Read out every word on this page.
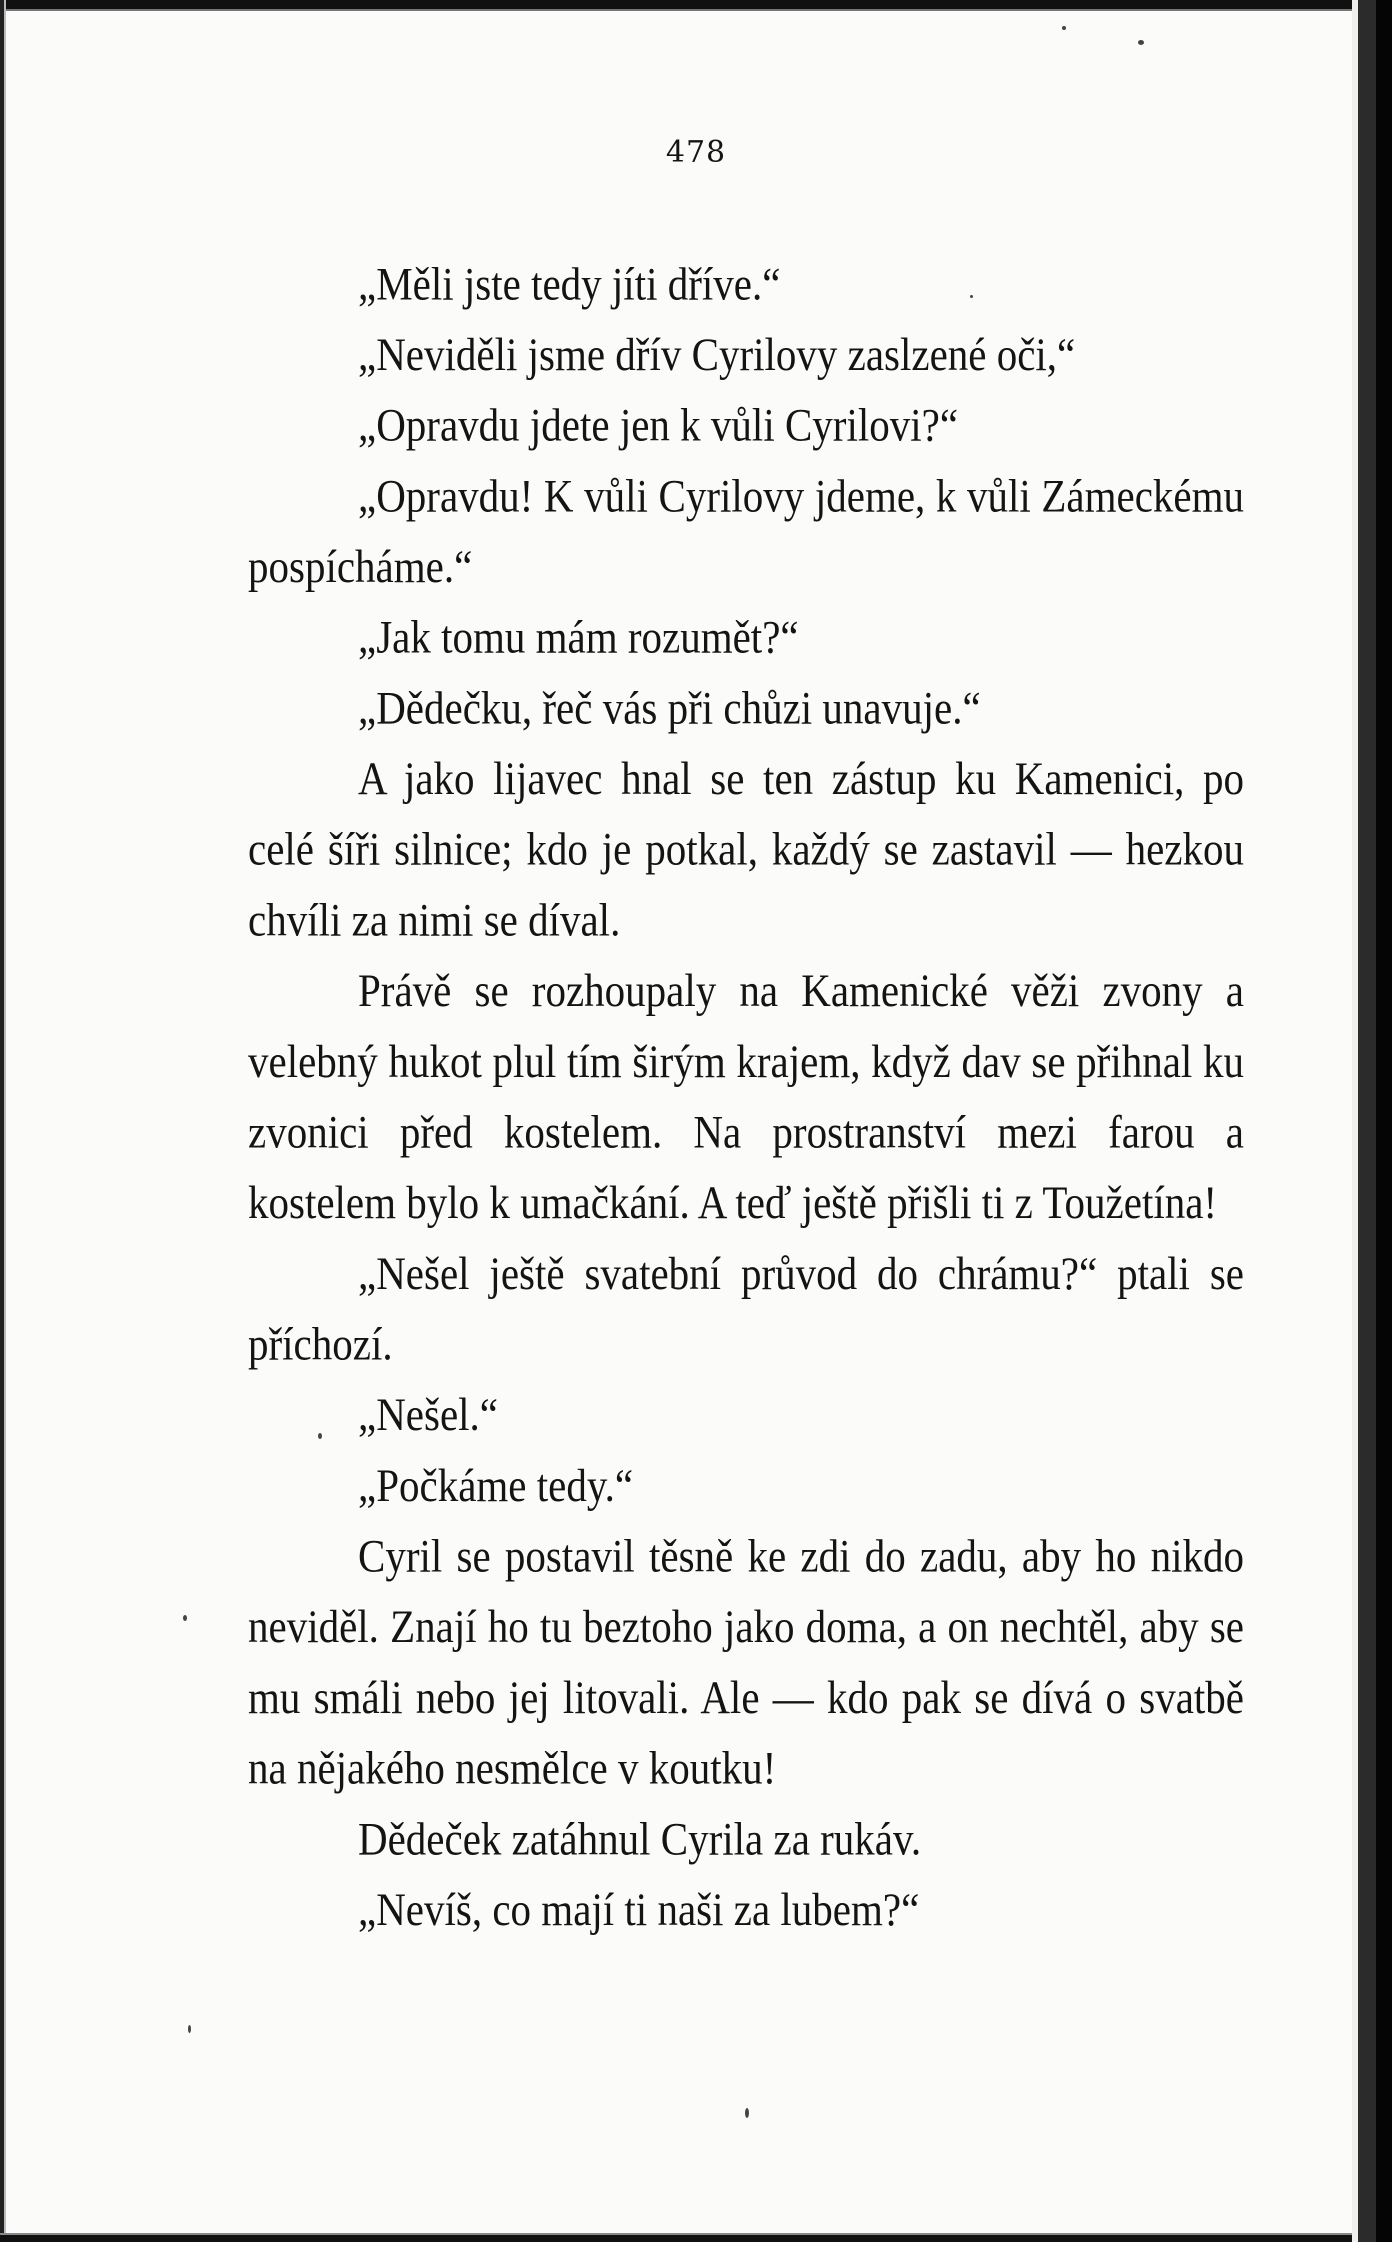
478

„Měli jste tedy jíti dříve.“

„Neviděli jsme dřív Cyrilovy zaslzené oči,“

„Opravdu jdete jen k vůli Cyrilovi?“

„Opravdu! K vůli Cyrilovy jdeme, k vůli Zámeckému pospícháme.“

„Jak tomu mám rozumět?“

„Dědečku, řeč vás při chůzi unavuje.“

A jako lijavec hnal se ten zástup ku Kamenici, po celé šíři silnice; kdo je potkal, každý se zastavil — hezkou chvíli za nimi se díval.

Právě se rozhoupaly na Kamenické věži zvony a velebný hukot plul tím širým krajem, když dav se přihnal ku zvonici před kostelem. Na prostranství mezi farou a kostelem bylo k umačkání. A teď ještě přišli ti z Toužetína!

„Nešel ještě svatební průvod do chrámu?“ ptali se příchozí.

„Nešel.“

„Počkáme tedy.“

Cyril se postavil těsně ke zdi do zadu, aby ho nikdo neviděl. Znají ho tu beztoho jako doma, a on nechtěl, aby se mu smáli nebo jej litovali. Ale — kdo pak se dívá o svatbě na nějakého nesmělce v koutku!

Dědeček zatáhnul Cyrila za rukáv.

„Nevíš, co mají ti naši za lubem?“
